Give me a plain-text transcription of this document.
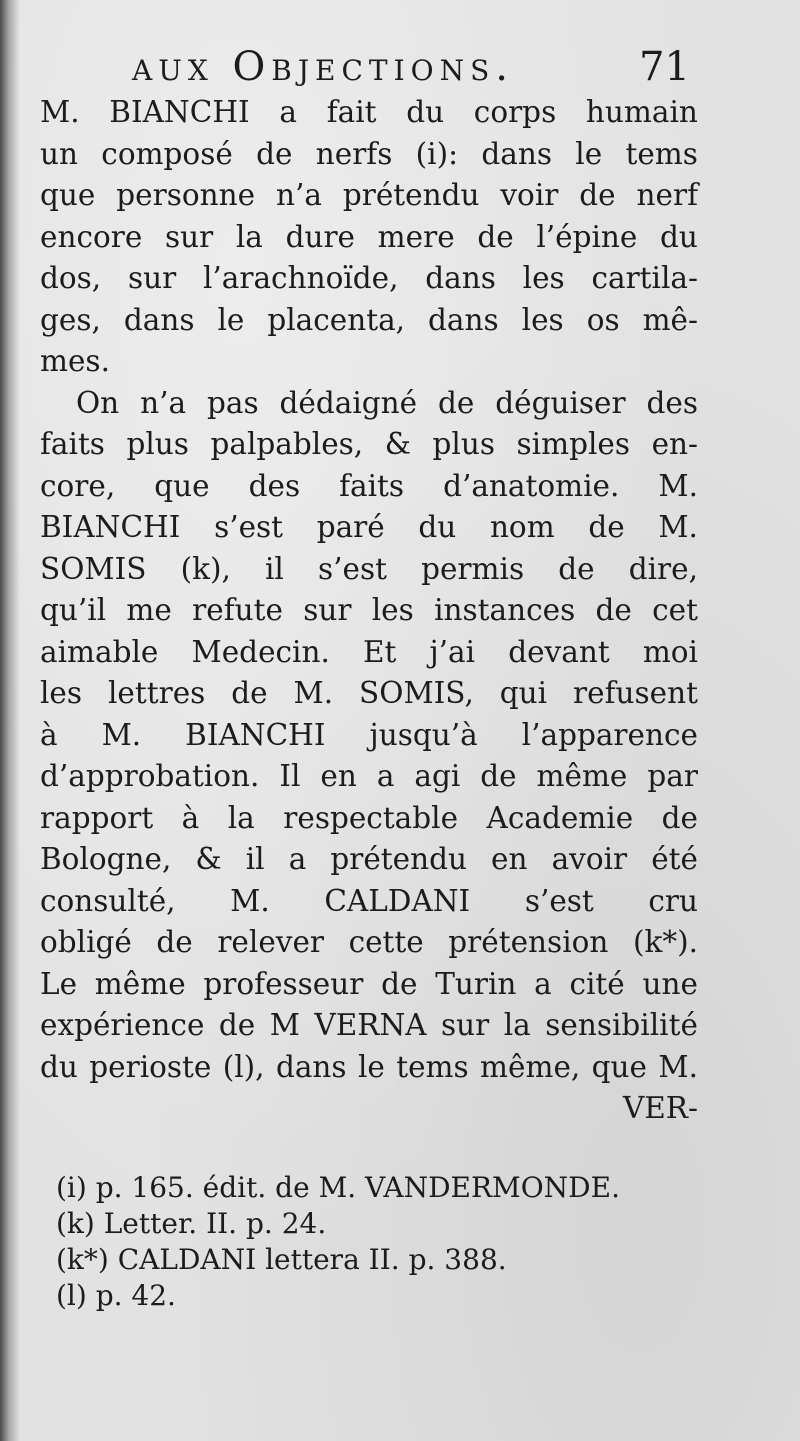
aux Objections.	71
M. BIANCHI a fait du corps humain
un composé de nerfs (i): dans le tems
que personne n’a prétendu voir de nerf
encore sur la dure mere de l’épine du
dos, sur l’arachnoïde, dans les cartila-
ges, dans le placenta, dans les os mê-
mes.
On n’a pas dédaigné de déguiser des
faits plus palpables, & plus simples en-
core, que des faits d’anatomie. M.
BIANCHI s’est paré du nom de M.
SOMIS (k), il s’est permis de dire,
qu’il me refute sur les instances de cet
aimable Medecin. Et j’ai devant moi
les lettres de M. SOMIS, qui refusent
à M. BIANCHI jusqu’à l’apparence
d’approbation. Il en a agi de même par
rapport à la respectable Academie de
Bologne, & il a prétendu en avoir été
consulté, M. CALDANI s’est cru
obligé de relever cette prétension (k*).
Le même professeur de Turin a cité une
expérience de M VERNA sur la sensibilité
du perioste (l), dans le tems même, que M.
VER-
(i) p. 165. édit. de M. VANDERMONDE.
(k) Letter. II. p. 24.
(k*) CALDANI lettera II. p. 388.
(l) p. 42.
